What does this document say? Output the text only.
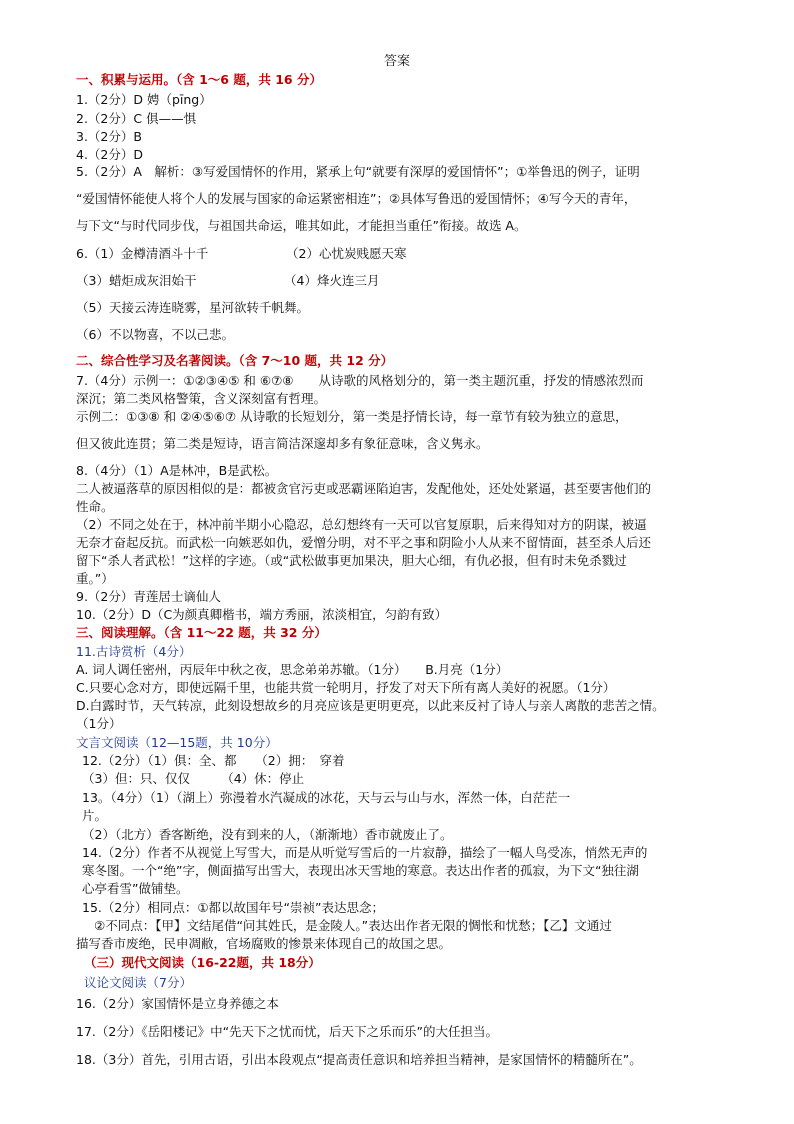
答案
一、积累与运用。（含 1～6 题，共 16 分）
1.（2分）D 娉（pīng）
2.（2分）C 俱——惧
3.（2分）B
4.（2分）D
5.（2分）A　解析：③写爱国情怀的作用，紧承上句“就要有深厚的爱国情怀”；①举鲁迅的例子，证明
“爱国情怀能使人将个人的发展与国家的命运紧密相连”；②具体写鲁迅的爱国情怀；④写今天的青年，
与下文“与时代同步伐，与祖国共命运，唯其如此，才能担当重任”衔接。故选 A。
6.（1）金樽清酒斗十千	（2）心忧炭贱愿天寒
（3）蜡炬成灰泪始干	（4）烽火连三月
（5）天接云涛连晓雾，星河欲转千帆舞。
（6）不以物喜，不以己悲。
二、综合性学习及名著阅读。（含 7～10 题，共 12 分）
7.（4分）示例一：①②③④⑤ 和 ⑥⑦⑧　　从诗歌的风格划分的，第一类主题沉重，抒发的情感浓烈而
深沉；第二类风格警策，含义深刻富有哲理。
示例二：①③⑧ 和 ②④⑤⑥⑦ 从诗歌的长短划分，第一类是抒情长诗，每一章节有较为独立的意思，
但又彼此连贯；第二类是短诗，语言简洁深邃却多有象征意味，含义隽永。
8.（4分）（1）A是林冲，B是武松。
二人被逼落草的原因相似的是：都被贪官污吏或恶霸诬陷迫害，发配他处，还处处紧逼，甚至要害他们的
性命。
（2）不同之处在于，林冲前半期小心隐忍，总幻想终有一天可以官复原职，后来得知对方的阴谋，被逼
无奈才奋起反抗。而武松一向嫉恶如仇，爱憎分明，对不平之事和阴险小人从来不留情面，甚至杀人后还
留下“杀人者武松！”这样的字迹。（或“武松做事更加果决，胆大心细，有仇必报，但有时未免杀戮过
重。”）
9.（2分）青莲居士谪仙人
10.（2分）D（C为颜真卿楷书，端方秀丽，浓淡相宜，匀韵有致）
三、阅读理解。（含 11～22 题，共 32 分）
11.古诗赏析（4分）
A. 词人调任密州，丙辰年中秋之夜，思念弟弟苏辙。（1分）　　B.月亮（1分）
C.只要心念对方，即使远隔千里，也能共赏一轮明月，抒发了对天下所有离人美好的祝愿。（1分）
D.白露时节，天气转凉，此刻设想故乡的月亮应该是更明更亮，以此来反衬了诗人与亲人离散的悲苦之情。
（1分）
文言文阅读（12—15题，共 10分）
12.（2分）（1）俱：全、都　　（2）拥：　穿着
（3）但：只、仅仅　　　（4）休：停止
13。（4分）（1）（湖上）弥漫着水汽凝成的冰花，天与云与山与水，浑然一体，白茫茫一
片。
（2）（北方）香客断绝，没有到来的人，（渐渐地）香市就废止了。
14.（2分）作者不从视觉上写雪大，而是从听觉写雪后的一片寂静，描绘了一幅人鸟受冻，悄然无声的
寒冬图。一个“绝”字，侧面描写出雪大，表现出冰天雪地的寒意。表达出作者的孤寂，为下文“独往湖
心亭看雪”做铺垫。
15.（2分）相同点：①都以故国年号“崇祯”表达思念；
②不同点：【甲】文结尾借“问其姓氏，是金陵人。”表达出作者无限的惆怅和忧愁；【乙】文通过
描写香市废绝，民申凋敝，官场腐败的惨景来体现自己的故国之思。
（三）现代文阅读（16-22题，共 18分）
议论文阅读（7分）
16.（2分）家国情怀是立身养德之本
17.（2分）《岳阳楼记》中“先天下之忧而忧，后天下之乐而乐”的大任担当。
18.（3分）首先，引用古语，引出本段观点“提高责任意识和培养担当精神，是家国情怀的精髓所在”。
